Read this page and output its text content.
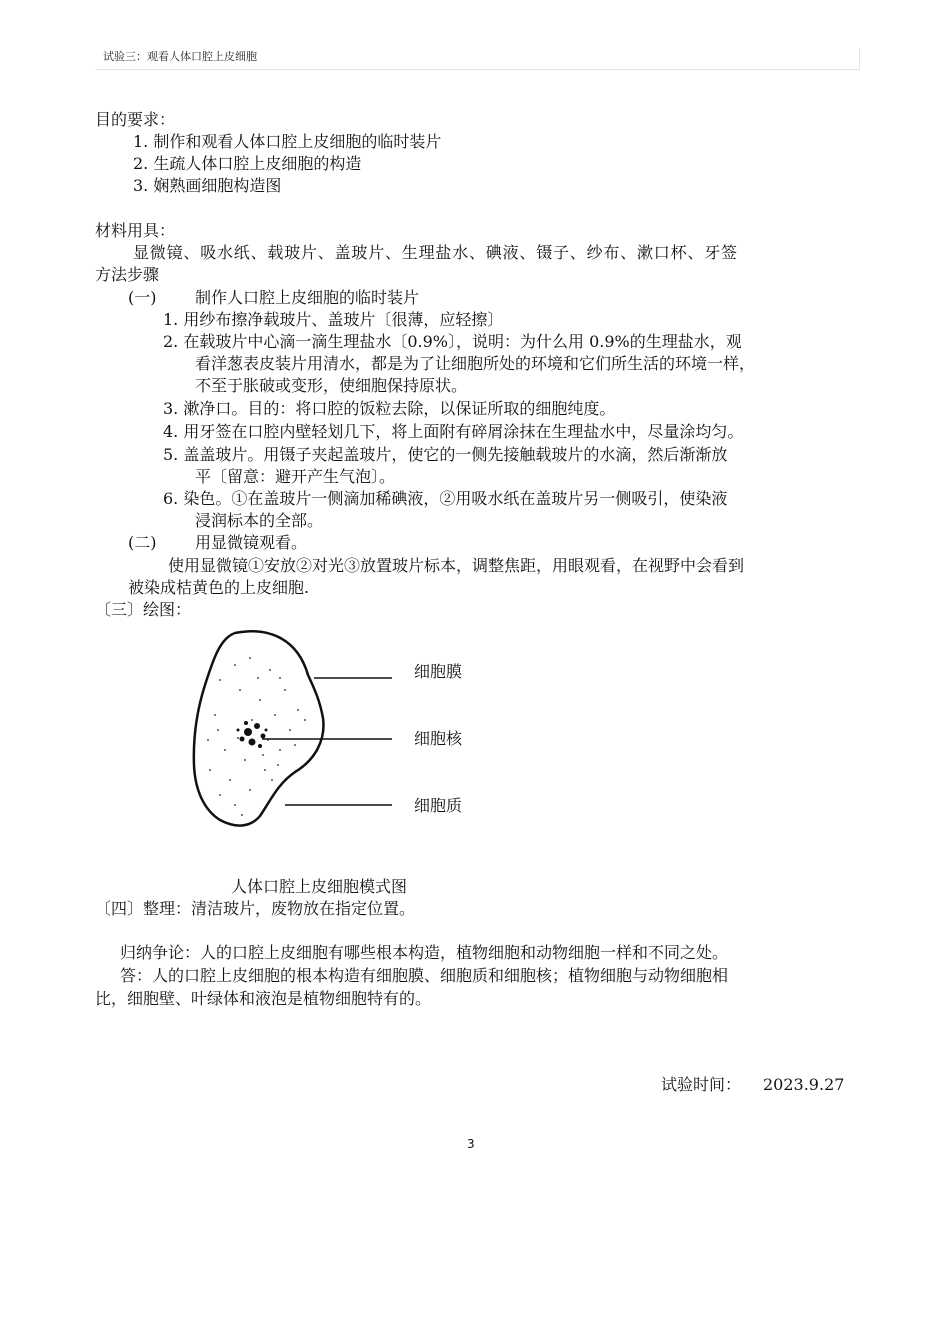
试验三：观看人体口腔上皮细胞
目的要求：
1. 制作和观看人体口腔上皮细胞的临时装片
2. 生疏人体口腔上皮细胞的构造
3. 娴熟画细胞构造图
材料用具：
显微镜、吸水纸、载玻片、盖玻片、生理盐水、碘液、镊子、纱布、漱口杯、牙签
方法步骤
(一) 制作人口腔上皮细胞的临时装片
1. 用纱布擦净载玻片、盖玻片〔很薄，应轻擦〕
2. 在载玻片中心滴一滴生理盐水〔0.9%〕，说明：为什么用 0.9%的生理盐水，观
看洋葱表皮装片用清水，都是为了让细胞所处的环境和它们所生活的环境一样，
不至于胀破或变形，使细胞保持原状。
3. 漱净口。目的：将口腔的饭粒去除，以保证所取的细胞纯度。
4. 用牙签在口腔内壁轻划几下，将上面附有碎屑涂抹在生理盐水中，尽量涂均匀。
5. 盖盖玻片。用镊子夹起盖玻片，使它的一侧先接触载玻片的水滴，然后渐渐放
平〔留意：避开产生气泡〕。
6. 染色。①在盖玻片一侧滴加稀碘液，②用吸水纸在盖玻片另一侧吸引，使染液
浸润标本的全部。
(二) 用显微镜观看。
使用显微镜①安放②对光③放置玻片标本，调整焦距，用眼观看，在视野中会看到
被染成桔黄色的上皮细胞.
〔三〕绘图：
细胞膜
细胞核
细胞质
人体口腔上皮细胞模式图
〔四〕整理：清洁玻片，废物放在指定位置。
归纳争论：人的口腔上皮细胞有哪些根本构造，植物细胞和动物细胞一样和不同之处。
答：人的口腔上皮细胞的根本构造有细胞膜、细胞质和细胞核；植物细胞与动物细胞相
比，细胞壁、叶绿体和液泡是植物细胞特有的。
试验时间： 2023.9.27
3
